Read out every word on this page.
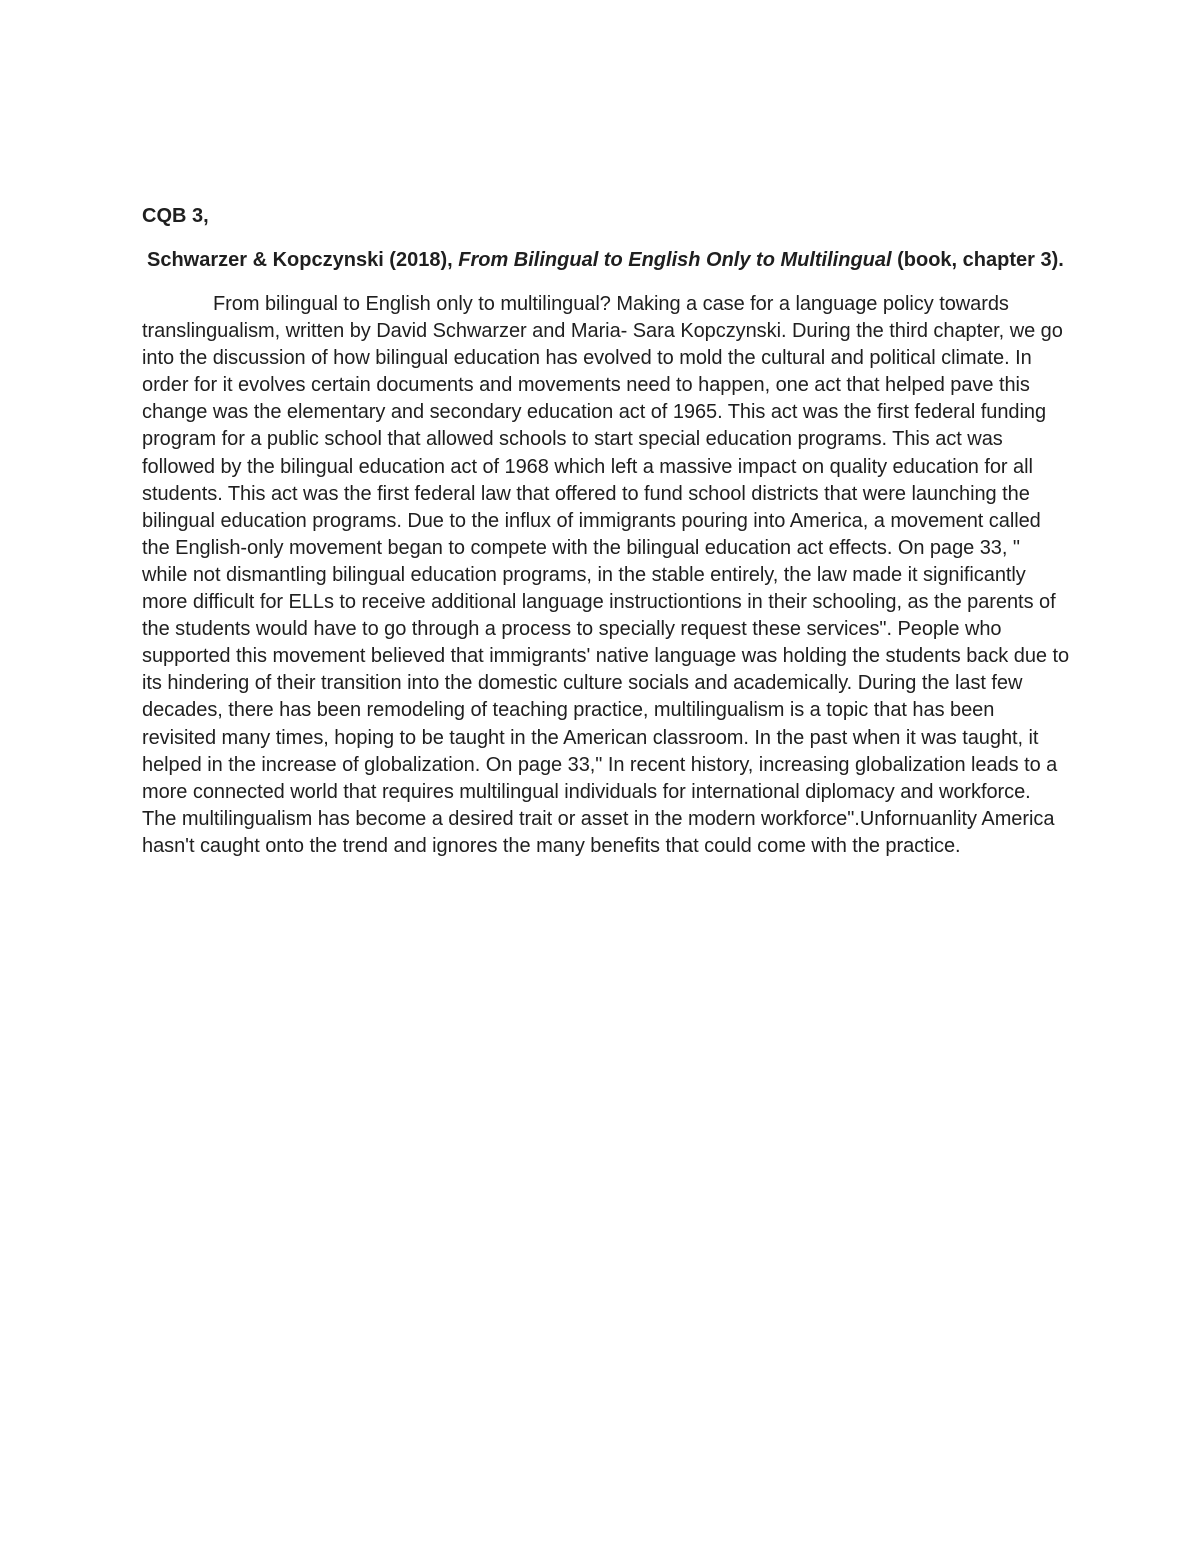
CQB 3,

Schwarzer & Kopczynski (2018), From Bilingual to English Only to Multilingual (book, chapter 3).

From bilingual to English only to multilingual? Making a case for a language policy towards translingualism, written by David Schwarzer and Maria- Sara Kopczynski. During the third chapter, we go into the discussion of how bilingual education has evolved to mold the cultural and political climate. In order for it evolves certain documents and movements need to happen, one act that helped pave this change was the elementary and secondary education act of 1965. This act was the first federal funding program for a public school that allowed schools to start special education programs. This act was followed by the bilingual education act of 1968 which left a massive impact on quality education for all students. This act was the first federal law that offered to fund school districts that were launching the bilingual education programs. Due to the influx of immigrants pouring into America, a movement called the English-only movement began to compete with the bilingual education act effects. On page 33, " while not dismantling bilingual education programs, in the stable entirely, the law made it significantly more difficult for ELLs to receive additional language instructiontions in their schooling, as the parents of the students would have to go through a process to specially request these services". People who supported this movement believed that immigrants' native language was holding the students back due to its hindering of their transition into the domestic culture socials and academically. During the last few decades, there has been remodeling of teaching practice, multilingualism is a topic that has been revisited many times, hoping to be taught in the American classroom. In the past when it was taught, it helped in the increase of globalization. On page 33," In recent history, increasing globalization leads to a more connected world that requires multilingual individuals for international diplomacy and workforce. The multilingualism has become a desired trait or asset in the modern workforce".Unfornuanlity America hasn't caught onto the trend and ignores the many benefits that could come with the practice.
